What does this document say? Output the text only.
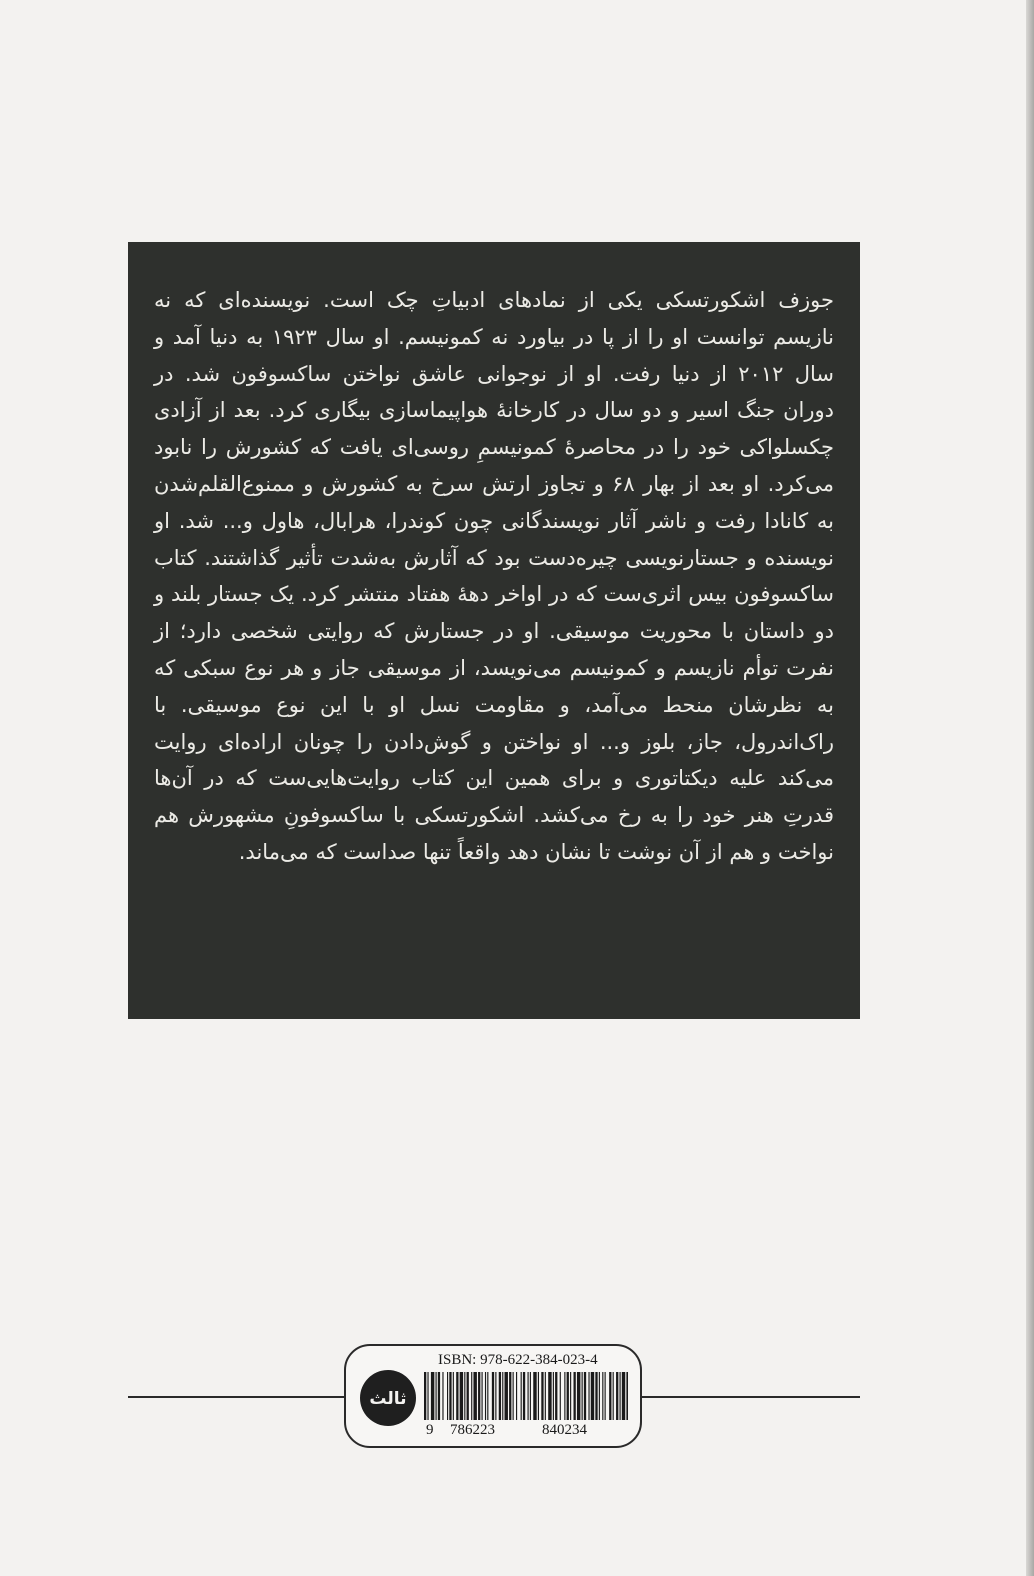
جوزف اشکورتسکی یکی از نمادهای ادبیاتِ چک است. نویسنده‌ای که نه نازیسم توانست او را از پا در بیاورد نه کمونیسم. او سال ۱۹۲۳ به دنیا آمد و سال ۲۰۱۲ از دنیا رفت. او از نوجوانی عاشق نواختن ساکسوفون شد. در دوران جنگ اسیر و دو سال در کارخانهٔ هواپیماسازی بیگاری کرد. بعد از آزادی چکسلواکی خود را در محاصرهٔ کمونیسمِ روسی‌ای یافت که کشورش را نابود می‌کرد. او بعد از بهار ۶۸ و تجاوز ارتش سرخ به کشورش و ممنوع‌القلم‌شدن به کانادا رفت و ناشر آثار نویسندگانی چون کوندرا، هرابال، هاول و... شد. او نویسنده و جستارنویسی چیره‌دست بود که آثارش به‌شدت تأثیر گذاشتند. کتاب ساکسوفون بیس اثری‌ست که در اواخر دههٔ هفتاد منتشر کرد. یک جستار بلند و دو داستان با محوریت موسیقی. او در جستارش که روایتی شخصی دارد؛ از نفرت توأم نازیسم و کمونیسم می‌نویسد، از موسیقی جاز و هر نوع سبکی که به نظرشان منحط می‌آمد، و مقاومت نسل او با این نوع موسیقی. با راک‌اندرول، جاز، بلوز و... او نواختن و گوش‌دادن را چونان اراده‌ای روایت می‌کند علیه دیکتاتوری و برای همین این کتاب روایت‌هایی‌ست که در آن‌ها قدرتِ هنر خود را به رخ می‌کشد. اشکورتسکی با ساکسوفونِ مشهورش هم نواخت و هم از آن نوشت تا نشان دهد واقعاً تنها صداست که می‌ماند.

ثالث
ISBN: 978-622-384-023-4
9 786223	840234
